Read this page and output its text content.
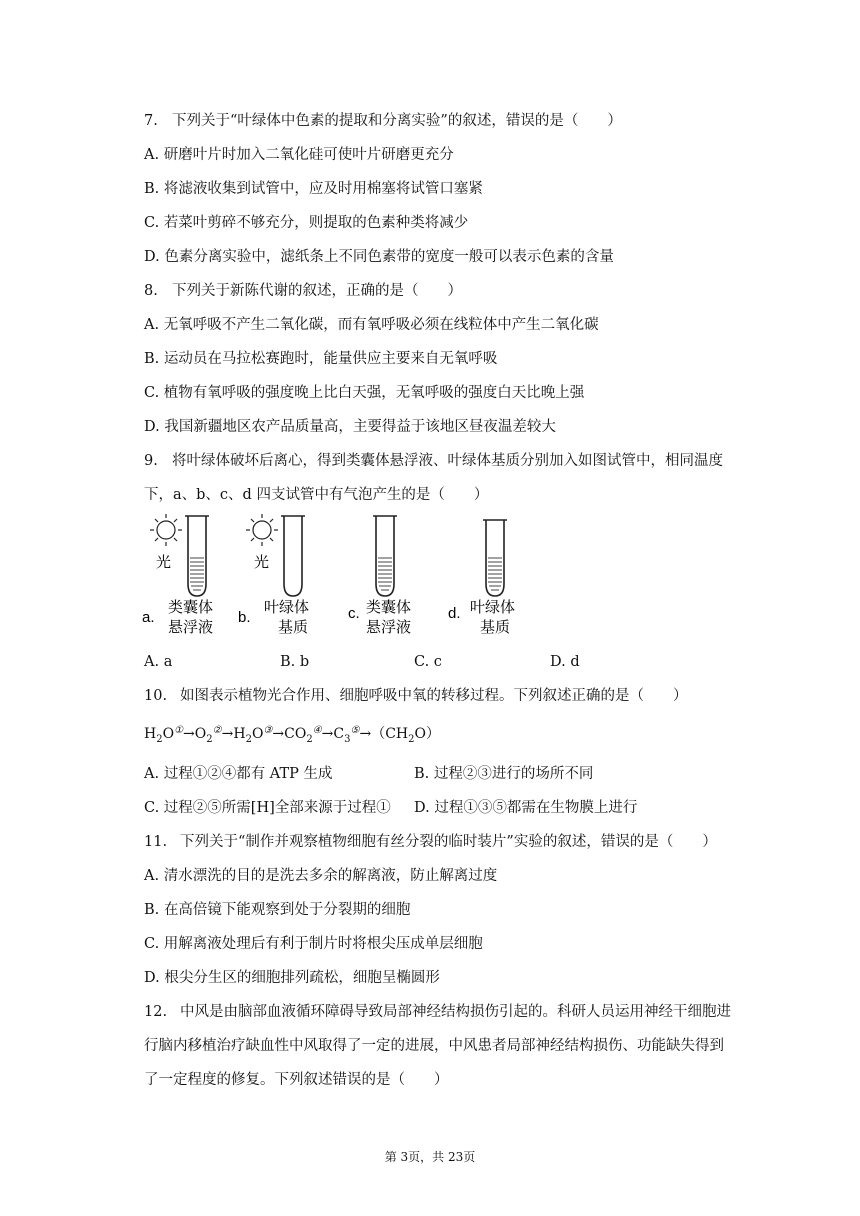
7. 下列关于“叶绿体中色素的提取和分离实验”的叙述，错误的是（　　）
A. 研磨叶片时加入二氧化硅可使叶片研磨更充分
B. 将滤液收集到试管中，应及时用棉塞将试管口塞紧
C. 若菜叶剪碎不够充分，则提取的色素种类将减少
D. 色素分离实验中，滤纸条上不同色素带的宽度一般可以表示色素的含量
8. 下列关于新陈代谢的叙述，正确的是（　　）
A. 无氧呼吸不产生二氧化碳，而有氧呼吸必须在线粒体中产生二氧化碳
B. 运动员在马拉松赛跑时，能量供应主要来自无氧呼吸
C. 植物有氧呼吸的强度晚上比白天强，无氧呼吸的强度白天比晚上强
D. 我国新疆地区农产品质量高，主要得益于该地区昼夜温差较大
9. 将叶绿体破坏后离心，得到类囊体悬浮液、叶绿体基质分别加入如图试管中，相同温度
下，a、b、c、d 四支试管中有气泡产生的是（　　）
光
a.
类囊体
悬浮液
光
b.
叶绿体
基质
c. 类囊体
悬浮液
d. 叶绿体
基质
A. a	B. b	C. c	D. d
10. 如图表示植物光合作用、细胞呼吸中氧的转移过程。下列叙述正确的是（　　）
$H_2O^①\to O_2^②\to H_2O^③\to CO_2^④\to C_3^⑤\to(CH_2O)$
A. 过程①②④都有 ATP 生成	B. 过程②③进行的场所不同
C. 过程②⑤所需[H]全部来源于过程① D. 过程①③⑤都需在生物膜上进行
11. 下列关于“制作并观察植物细胞有丝分裂的临时装片”实验的叙述，错误的是（　　）
A. 清水漂洗的目的是洗去多余的解离液，防止解离过度
B. 在高倍镜下能观察到处于分裂期的细胞
C. 用解离液处理后有利于制片时将根尖压成单层细胞
D. 根尖分生区的细胞排列疏松，细胞呈椭圆形
12. 中风是由脑部血液循环障碍导致局部神经结构损伤引起的。科研人员运用神经干细胞进
行脑内移植治疗缺血性中风取得了一定的进展，中风患者局部神经结构损伤、功能缺失得到
了一定程度的修复。下列叙述错误的是（　　）
第 3页，共 23页
